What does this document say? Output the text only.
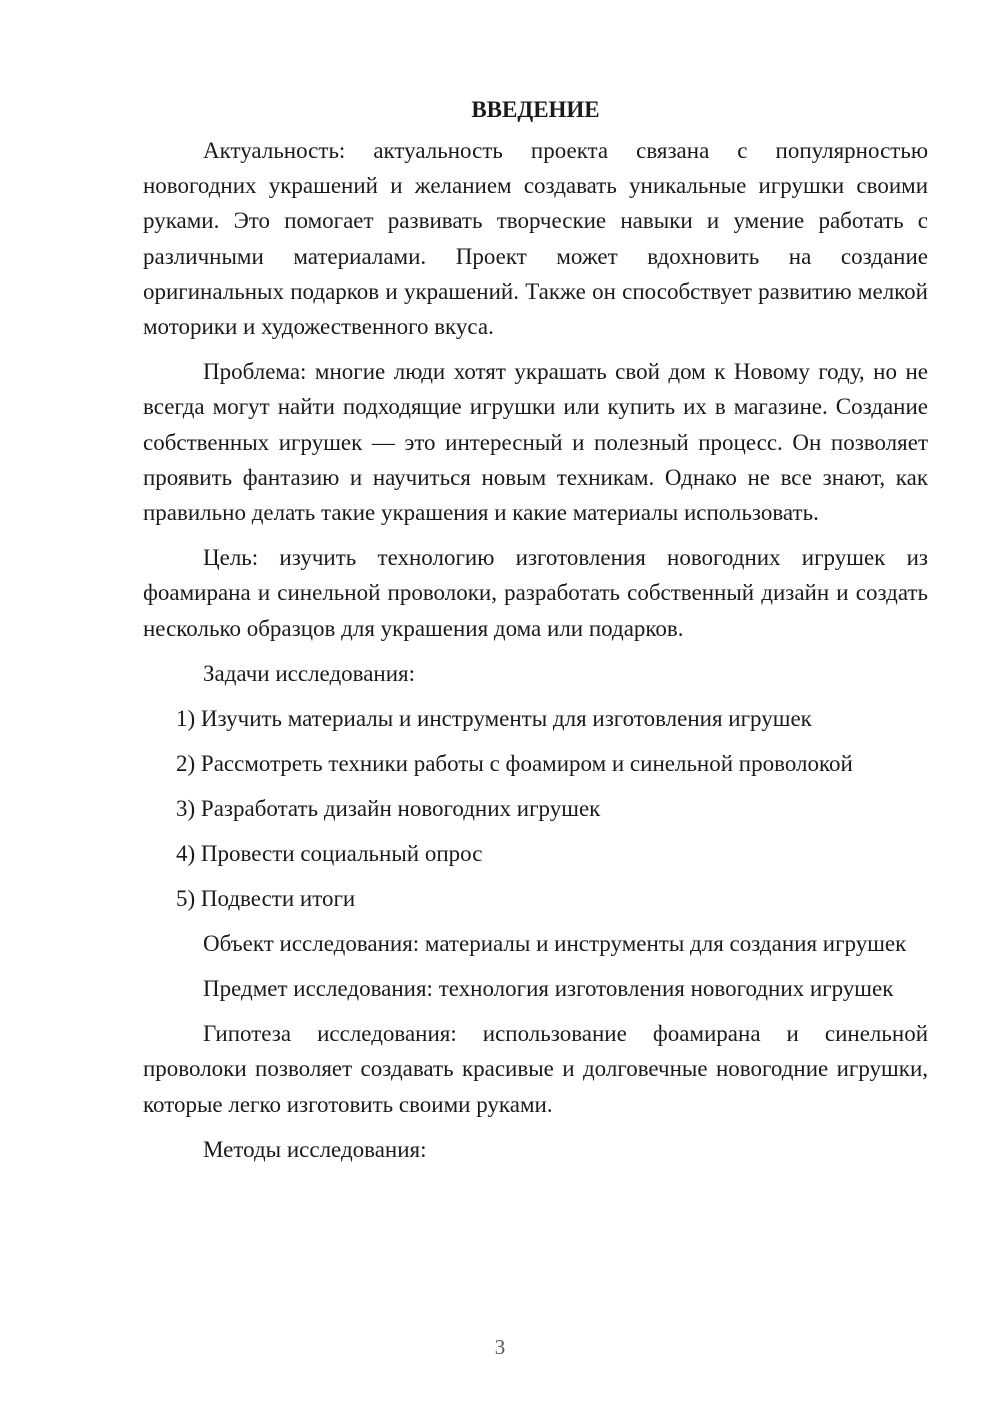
ВВЕДЕНИЕ

Актуальность: актуальность проекта связана с популярностью новогодних украшений и желанием создавать уникальные игрушки своими руками. Это помогает развивать творческие навыки и умение работать с различными материалами. Проект может вдохновить на создание оригинальных подарков и украшений. Также он способствует развитию мелкой моторики и художественного вкуса.

Проблема: многие люди хотят украшать свой дом к Новому году, но не всегда могут найти подходящие игрушки или купить их в магазине. Создание собственных игрушек — это интересный и полезный процесс. Он позволяет проявить фантазию и научиться новым техникам. Однако не все знают, как правильно делать такие украшения и какие материалы использовать.

Цель: изучить технологию изготовления новогодних игрушек из фоамирана и синельной проволоки, разработать собственный дизайн и создать несколько образцов для украшения дома или подарков.

Задачи исследования:

1) Изучить материалы и инструменты для изготовления игрушек
2) Рассмотреть техники работы с фоамиром и синельной проволокой
3) Разработать дизайн новогодних игрушек
4) Провести социальный опрос
5) Подвести итоги

Объект исследования: материалы и инструменты для создания игрушек

Предмет исследования: технология изготовления новогодних игрушек

Гипотеза исследования: использование фоамирана и синельной проволоки позволяет создавать красивые и долговечные новогодние игрушки, которые легко изготовить своими руками.

Методы исследования:

3
